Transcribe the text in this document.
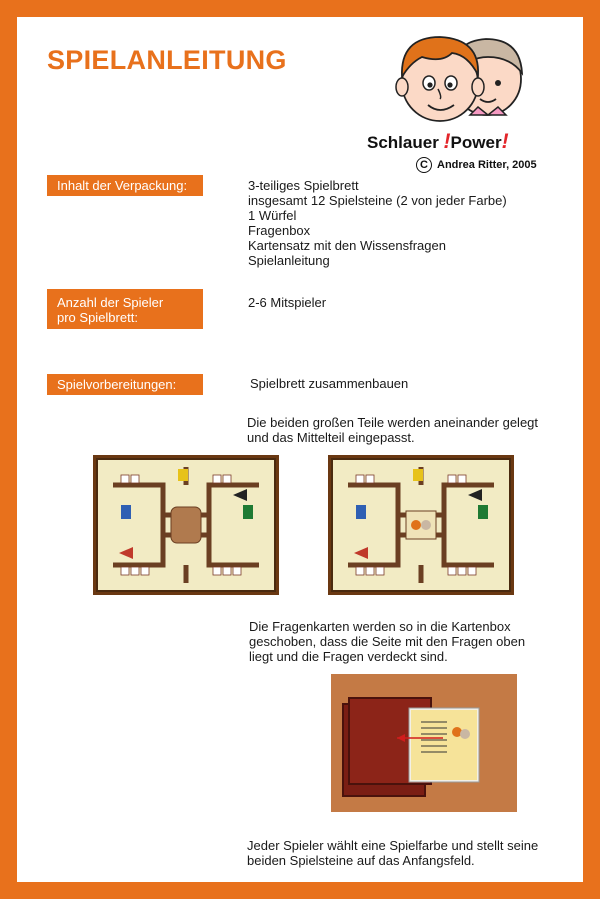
SPIELANLEITUNG
Schlauer !Power!
C Andrea Ritter, 2005
Inhalt der Verpackung:	3-teiliges Spielbrett
insgesamt 12 Spielsteine (2 von jeder Farbe)
1 Würfel
Fragenbox
Kartensatz mit den Wissensfragen
Spielanleitung
Anzahl der Spieler
pro Spielbrett:
2-6 Mitspieler
Spielvorbereitungen:	Spielbrett zusammenbauen
Die beiden großen Teile werden aneinander gelegt
und das Mittelteil eingepasst.
Die Fragenkarten werden so in die Kartenbox
geschoben, dass die Seite mit den Fragen oben
liegt und die Fragen verdeckt sind.
Jeder Spieler wählt eine Spielfarbe und stellt seine
beiden Spielsteine auf das Anfangsfeld.
